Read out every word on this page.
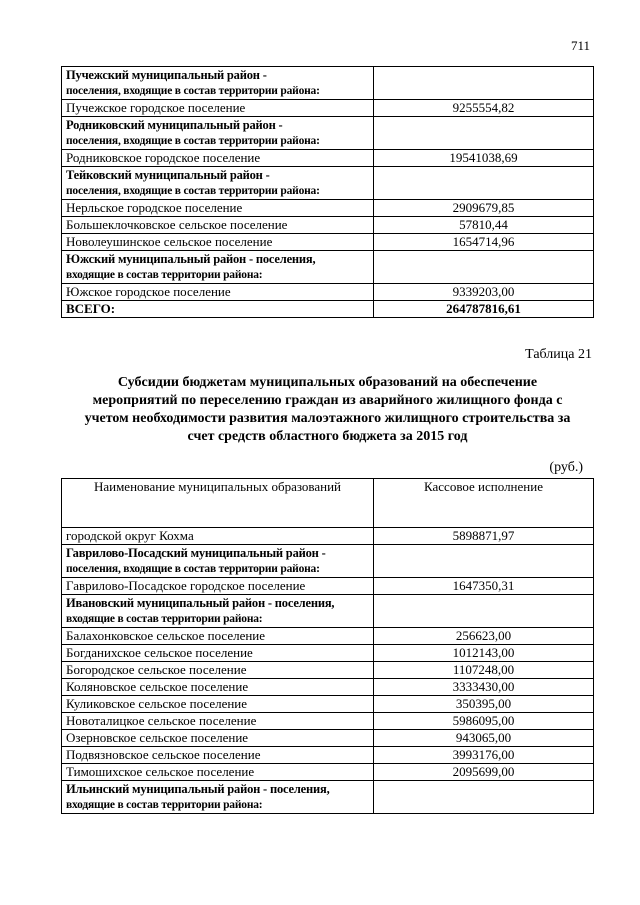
711
Пучежский муниципальный район -
поселения, входящие в состав территории района:	

Пучежское городское поселение	9255554,82

Родниковский муниципальный район -
поселения, входящие в состав территории района:	

Родниковское городское поселение	19541038,69

Тейковский муниципальный район -
поселения, входящие в состав территории района:	

Нерльское городское поселение	2909679,85
Большеклочковское сельское поселение	57810,44
Новолеушинское сельское поселение	1654714,96

Южский муниципальный район - поселения,
входящие в состав территории района:	

Южское городское поселение	9339203,00
ВСЕГО:	264787816,61
Таблица 21
Субсидии бюджетам муниципальных образований на обеспечение мероприятий по переселению граждан из аварийного жилищного фонда с учетом необходимости развития малоэтажного жилищного строительства за счет средств областного бюджета за 2015 год
(руб.)
Наименование муниципальных образований	Кассовое исполнение
городской округ Кохма	5898871,97

Гаврилово-Посадский муниципальный район -
поселения, входящие в состав территории района:	

Гаврилово-Посадское городское поселение	1647350,31

Ивановский муниципальный район - поселения,
входящие в состав территории района:	

Балахонковское сельское поселение	256623,00
Богданихское сельское поселение	1012143,00
Богородское сельское поселение	1107248,00
Коляновское сельское поселение	3333430,00
Куликовское сельское поселение	350395,00
Новоталицкое сельское поселение	5986095,00
Озерновское сельское поселение	943065,00
Подвязновское сельское поселение	3993176,00
Тимошихское сельское поселение	2095699,00

Ильинский муниципальный район - поселения,
входящие в состав территории района:	
